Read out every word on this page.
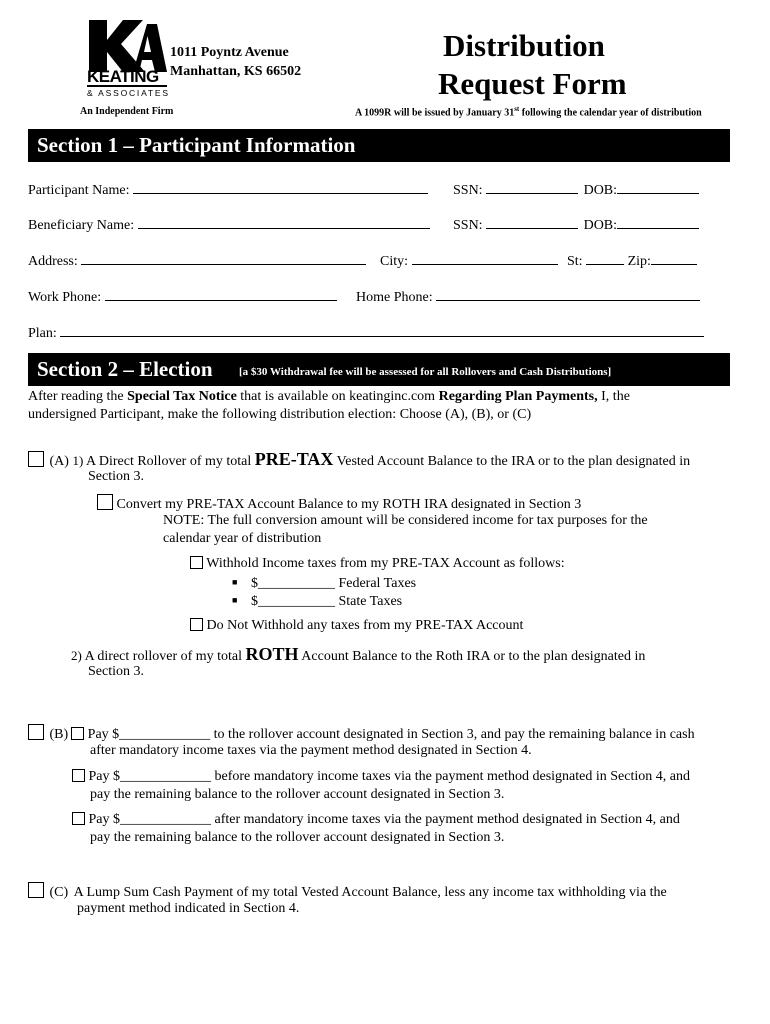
KEATING
& ASSOCIATES
1011 Poyntz Avenue
Manhattan, KS 66502
An Independent Firm
Distribution
Request Form
A 1099R will be issued by January 31st following the calendar year of distribution
Section 1 – Participant Information
Participant Name:	SSN:	DOB:
Beneficiary Name:	SSN:	DOB:
Address:	City:	St:	Zip:
Work Phone:	Home Phone:
Plan:
Section 2 – Election [a $30 Withdrawal fee will be assessed for all Rollovers and Cash Distributions]
After reading the Special Tax Notice that is available on keatinginc.com Regarding Plan Payments, I, the
undersigned Participant, make the following distribution election: Choose (A), (B), or (C)
(A) 1) A Direct Rollover of my total PRE-TAX Vested Account Balance to the IRA or to the plan designated in
Section 3.
Convert my PRE-TAX Account Balance to my ROTH IRA designated in Section 3
NOTE: The full conversion amount will be considered income for tax purposes for the
calendar year of distribution
Withhold Income taxes from my PRE-TAX Account as follows:
■ $___________ Federal Taxes
■ $___________ State Taxes
Do Not Withhold any taxes from my PRE-TAX Account
2) A direct rollover of my total ROTH Account Balance to the Roth IRA or to the plan designated in
Section 3.
(B) Pay $_____________ to the rollover account designated in Section 3, and pay the remaining balance in cash
after mandatory income taxes via the payment method designated in Section 4.
Pay $_____________ before mandatory income taxes via the payment method designated in Section 4, and
pay the remaining balance to the rollover account designated in Section 3.
Pay $_____________ after mandatory income taxes via the payment method designated in Section 4, and
pay the remaining balance to the rollover account designated in Section 3.
(C) A Lump Sum Cash Payment of my total Vested Account Balance, less any income tax withholding via the
payment method indicated in Section 4.
